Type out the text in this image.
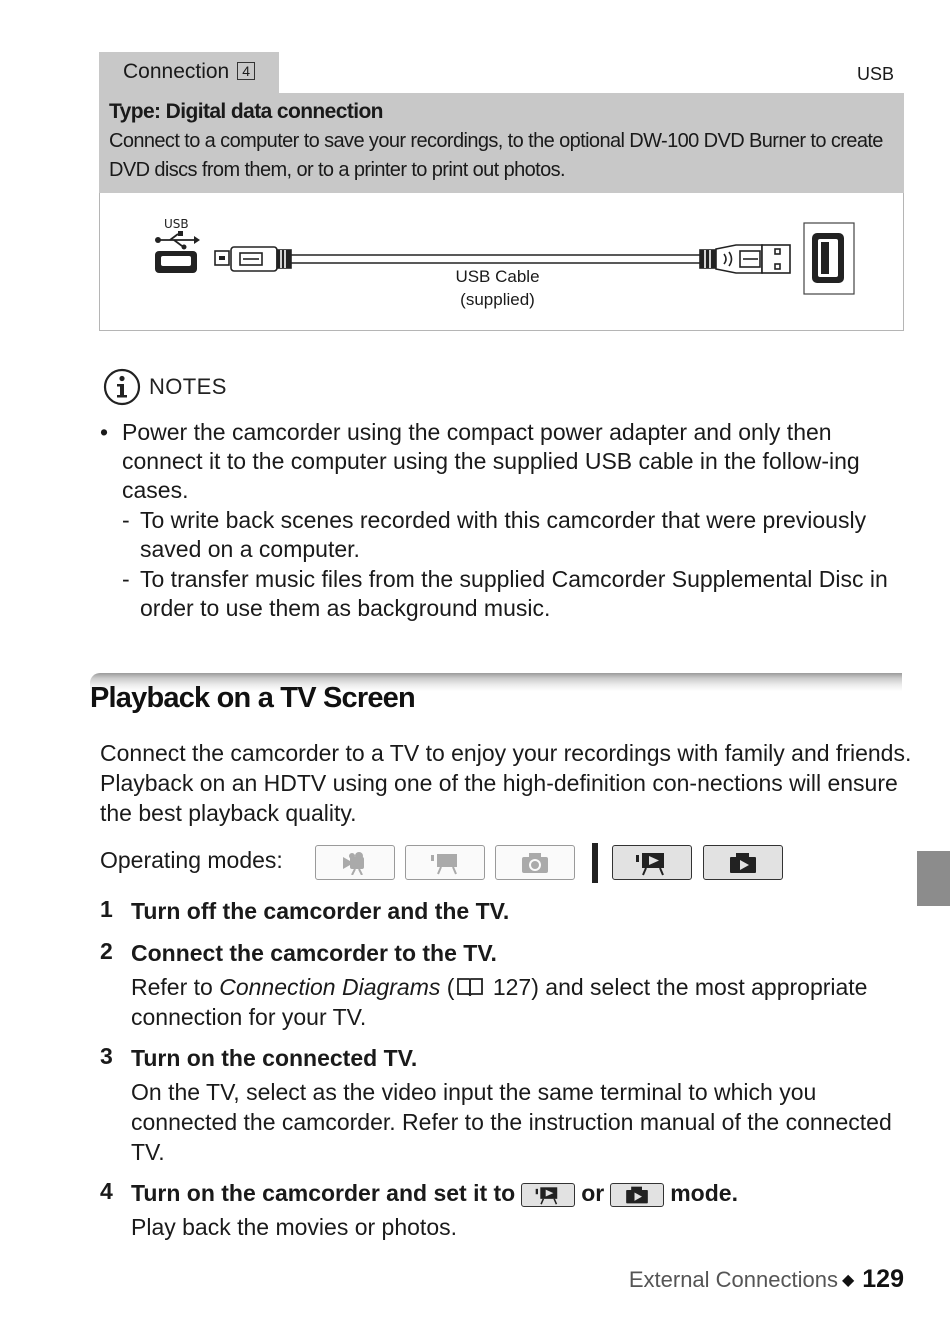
Connection 4	USB
Type: Digital data connection
Connect to a computer to save your recordings, to the optional DW-100 DVD Burner to create DVD discs from them, or to a printer to print out photos.
USB
USB Cable
(supplied)
NOTES
• Power the camcorder using the compact power adapter and only then connect it to the computer using the supplied USB cable in the follow-ing cases.
- To write back scenes recorded with this camcorder that were previously saved on a computer.
- To transfer music files from the supplied Camcorder Supplemental Disc in order to use them as background music.
Playback on a TV Screen
Connect the camcorder to a TV to enjoy your recordings with family and friends. Playback on an HDTV using one of the high-definition con-nections will ensure the best playback quality.
Operating modes:
1 Turn off the camcorder and the TV.
2 Connect the camcorder to the TV.
Refer to Connection Diagrams ( 127) and select the most appropriate connection for your TV.
3 Turn on the connected TV.
On the TV, select as the video input the same terminal to which you connected the camcorder. Refer to the instruction manual of the connected TV.
4 Turn on the camcorder and set it to	or	mode.
Play back the movies or photos.
External Connections ◆ 129
